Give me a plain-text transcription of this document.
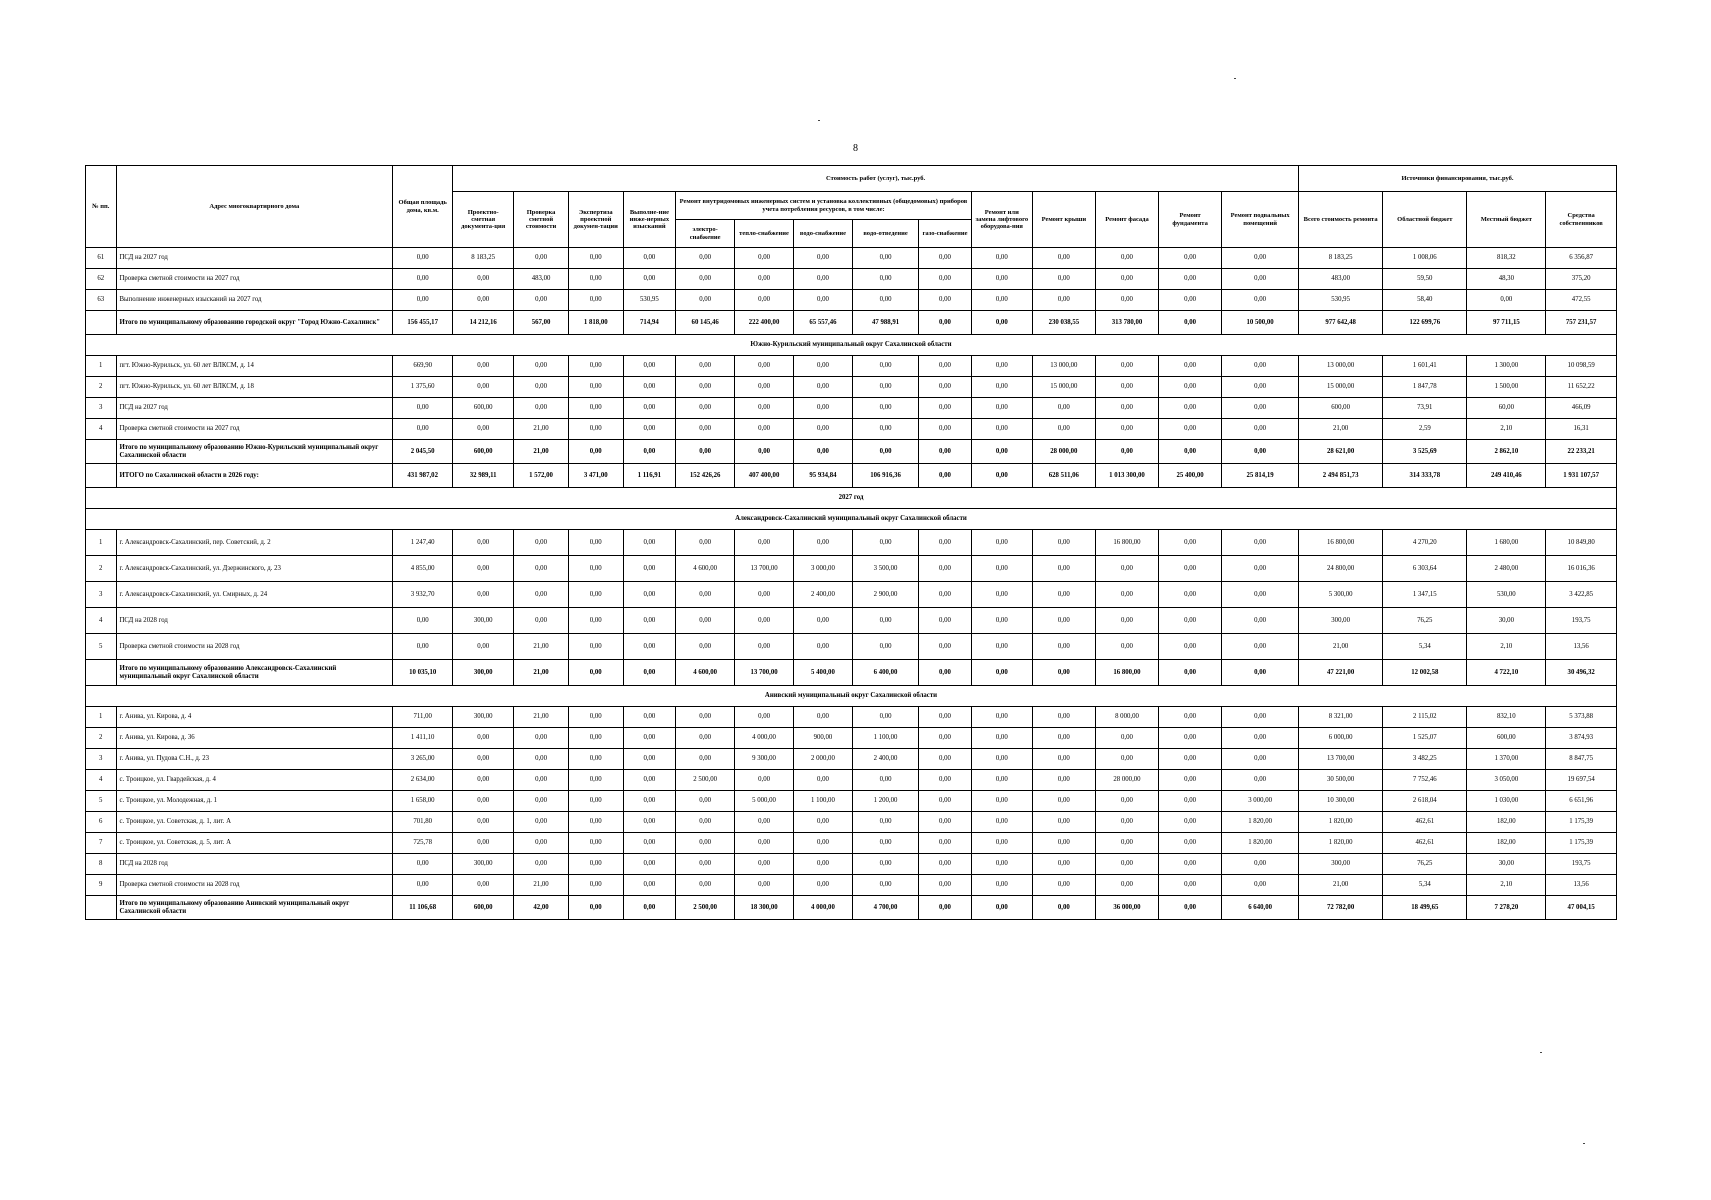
8
№ пп.	Адрес многоквартирного дома	Общая площадь дома, кв.м.	Стоимость работ (услуг), тыс.руб.														Источники финансирования, тыс.руб.			
			Проектно-сметная документа-ция	Проверка сметной стоимости	Экспертиза проектной докумен-тации	Выполне-ние инже-нерных изысканий	Ремонт внутридомовых инженерных систем и установка коллективных (общедомовых) приборов учета потребления ресурсов, в том числе:					Ремонт или замена лифтового оборудова-ния	Ремонт крыши	Ремонт фасада	Ремонт фундамента	Ремонт подвальных помещений	Всего стоимость ремонта	Областной бюджет	Местный бюджет	Средства собственников
							электро-снабжение	тепло-снабжение	водо-снабжение	водо-отведение	газо-снабжение									
61	ПСД на 2027 год	0,00	8 183,25	0,00	0,00	0,00	0,00	0,00	0,00	0,00	0,00	0,00	0,00	0,00	0,00	0,00	8 183,25	1 008,06	818,32	6 356,87
62	Проверка сметной стоимости на 2027 год	0,00	0,00	483,00	0,00	0,00	0,00	0,00	0,00	0,00	0,00	0,00	0,00	0,00	0,00	0,00	483,00	59,50	48,30	375,20
63	Выполнение инженерных изысканий на 2027 год	0,00	0,00	0,00	0,00	530,95	0,00	0,00	0,00	0,00	0,00	0,00	0,00	0,00	0,00	0,00	530,95	58,40	0,00	472,55
	Итого по муниципальному образованию городской округ "Город Южно-Сахалинск"	156 455,17	14 212,16	567,00	1 818,00	714,94	60 145,46	222 400,00	65 557,46	47 988,91	0,00	0,00	230 038,55	313 780,00	0,00	10 500,00	977 642,48	122 699,76	97 711,15	757 231,57
Южно-Курильский муниципальный округ Сахалинской области																				
1	пгт. Южно-Курильск, ул. 60 лет ВЛКСМ, д. 14	669,90	0,00	0,00	0,00	0,00	0,00	0,00	0,00	0,00	0,00	0,00	13 000,00	0,00	0,00	0,00	13 000,00	1 601,41	1 300,00	10 098,59
2	пгт. Южно-Курильск, ул. 60 лет ВЛКСМ, д. 18	1 375,60	0,00	0,00	0,00	0,00	0,00	0,00	0,00	0,00	0,00	0,00	15 000,00	0,00	0,00	0,00	15 000,00	1 847,78	1 500,00	11 652,22
3	ПСД на 2027 год	0,00	600,00	0,00	0,00	0,00	0,00	0,00	0,00	0,00	0,00	0,00	0,00	0,00	0,00	0,00	600,00	73,91	60,00	466,09
4	Проверка сметной стоимости на 2027 год	0,00	0,00	21,00	0,00	0,00	0,00	0,00	0,00	0,00	0,00	0,00	0,00	0,00	0,00	0,00	21,00	2,59	2,10	16,31
	Итого по муниципальному образованию Южно-Курильский муниципальный округ Сахалинской области	2 045,50	600,00	21,00	0,00	0,00	0,00	0,00	0,00	0,00	0,00	0,00	28 000,00	0,00	0,00	0,00	28 621,00	3 525,69	2 862,10	22 233,21
	ИТОГО по Сахалинской области в 2026 году:	431 987,02	32 989,11	1 572,00	3 471,00	1 116,91	152 426,26	407 400,00	95 934,84	106 916,36	0,00	0,00	628 511,06	1 013 300,00	25 400,00	25 814,19	2 494 851,73	314 333,78	249 410,46	1 931 107,57
2027 год																				
Александровск-Сахалинский муниципальный округ Сахалинской области																				
1	г. Александровск-Сахалинский, пер. Советский, д. 2	1 247,40	0,00	0,00	0,00	0,00	0,00	0,00	0,00	0,00	0,00	0,00	0,00	16 800,00	0,00	0,00	16 800,00	4 270,20	1 680,00	10 849,80
2	г. Александровск-Сахалинский, ул. Дзержинского, д. 23	4 855,00	0,00	0,00	0,00	0,00	4 600,00	13 700,00	3 000,00	3 500,00	0,00	0,00	0,00	0,00	0,00	0,00	24 800,00	6 303,64	2 480,00	16 016,36
3	г. Александровск-Сахалинский, ул. Смирных, д. 24	3 932,70	0,00	0,00	0,00	0,00	0,00	0,00	2 400,00	2 900,00	0,00	0,00	0,00	0,00	0,00	0,00	5 300,00	1 347,15	530,00	3 422,85
4	ПСД на 2028 год	0,00	300,00	0,00	0,00	0,00	0,00	0,00	0,00	0,00	0,00	0,00	0,00	0,00	0,00	0,00	300,00	76,25	30,00	193,75
5	Проверка сметной стоимости на 2028 год	0,00	0,00	21,00	0,00	0,00	0,00	0,00	0,00	0,00	0,00	0,00	0,00	0,00	0,00	0,00	21,00	5,34	2,10	13,56
	Итого по муниципальному образованию Александровск-Сахалинский муниципальный округ Сахалинской области	10 035,10	300,00	21,00	0,00	0,00	4 600,00	13 700,00	5 400,00	6 400,00	0,00	0,00	0,00	16 800,00	0,00	0,00	47 221,00	12 002,58	4 722,10	30 496,32
Анивский муниципальный округ Сахалинской области																				
1	г. Анива, ул. Кирова, д. 4	711,00	300,00	21,00	0,00	0,00	0,00	0,00	0,00	0,00	0,00	0,00	0,00	8 000,00	0,00	0,00	8 321,00	2 115,02	832,10	5 373,88
2	г. Анива, ул. Кирова, д. 36	1 411,10	0,00	0,00	0,00	0,00	0,00	4 000,00	900,00	1 100,00	0,00	0,00	0,00	0,00	0,00	0,00	6 000,00	1 525,07	600,00	3 874,93
3	г. Анива, ул. Пудова С.Н., д. 23	3 265,00	0,00	0,00	0,00	0,00	0,00	9 300,00	2 000,00	2 400,00	0,00	0,00	0,00	0,00	0,00	0,00	13 700,00	3 482,25	1 370,00	8 847,75
4	с. Троицкое, ул. Гвардейская, д. 4	2 634,00	0,00	0,00	0,00	0,00	2 500,00	0,00	0,00	0,00	0,00	0,00	0,00	28 000,00	0,00	0,00	30 500,00	7 752,46	3 050,00	19 697,54
5	с. Троицкое, ул. Молодежная, д. 1	1 658,00	0,00	0,00	0,00	0,00	0,00	5 000,00	1 100,00	1 200,00	0,00	0,00	0,00	0,00	0,00	3 000,00	10 300,00	2 618,04	1 030,00	6 651,96
6	с. Троицкое, ул. Советская, д. 1, лит. А	701,80	0,00	0,00	0,00	0,00	0,00	0,00	0,00	0,00	0,00	0,00	0,00	0,00	0,00	1 820,00	1 820,00	462,61	182,00	1 175,39
7	с. Троицкое, ул. Советская, д. 5, лит. А	725,78	0,00	0,00	0,00	0,00	0,00	0,00	0,00	0,00	0,00	0,00	0,00	0,00	0,00	1 820,00	1 820,00	462,61	182,00	1 175,39
8	ПСД на 2028 год	0,00	300,00	0,00	0,00	0,00	0,00	0,00	0,00	0,00	0,00	0,00	0,00	0,00	0,00	0,00	300,00	76,25	30,00	193,75
9	Проверка сметной стоимости на 2028 год	0,00	0,00	21,00	0,00	0,00	0,00	0,00	0,00	0,00	0,00	0,00	0,00	0,00	0,00	0,00	21,00	5,34	2,10	13,56
	Итого по муниципальному образованию Анивский муниципальный округ Сахалинской области	11 106,68	600,00	42,00	0,00	0,00	2 500,00	18 300,00	4 000,00	4 700,00	0,00	0,00	0,00	36 000,00	0,00	6 640,00	72 782,00	18 499,65	7 278,20	47 004,15
